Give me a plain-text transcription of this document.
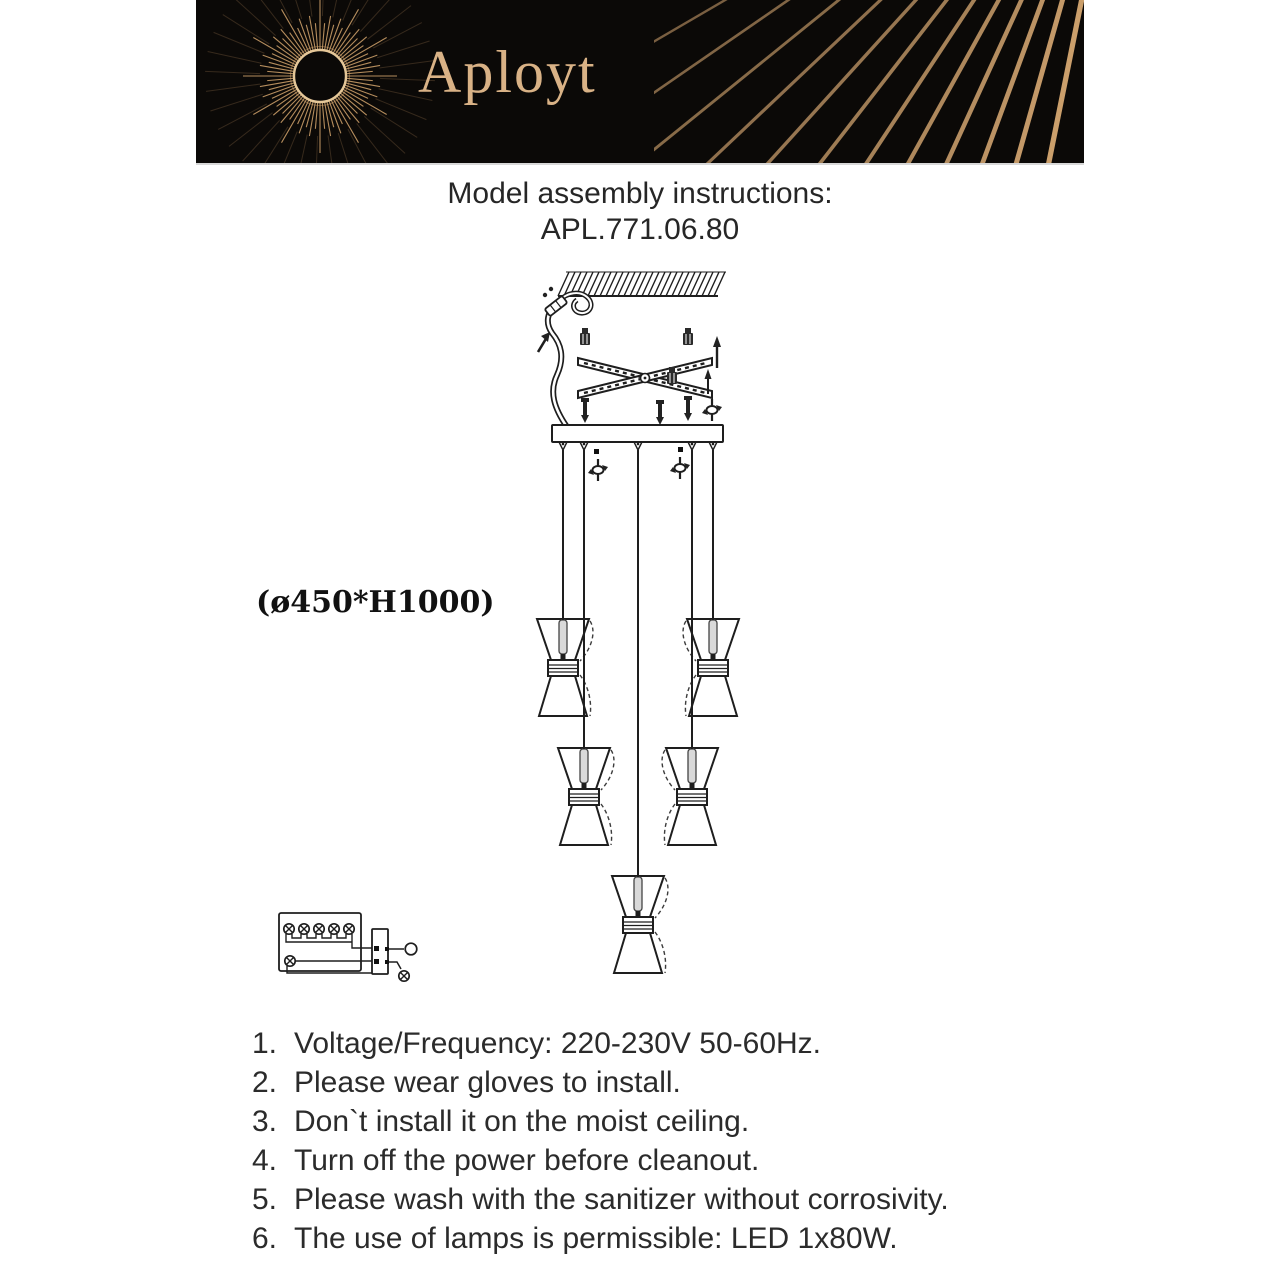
Aployt
Model assembly instructions:
APL.771.06.80
(ø450*H1000)
1. Voltage/Frequency: 220-230V 50-60Hz.
2. Please wear gloves to install.
3. Don`t install it on the moist ceiling.
4. Turn off the power before cleanout.
5. Please wash with the sanitizer without corrosivity.
6. The use of lamps is permissible: LED 1x80W.
